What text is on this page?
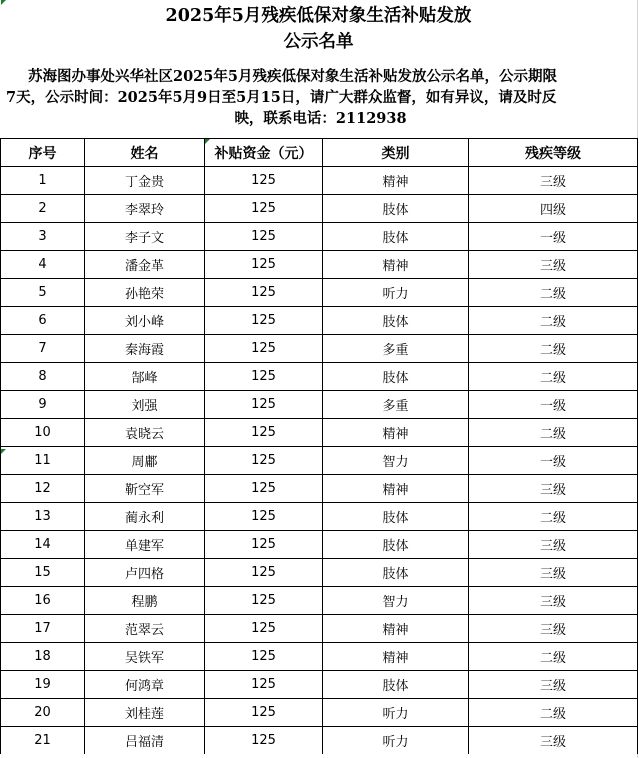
2025年5月残疾低保对象生活补贴发放
公示名单
苏海图办事处兴华社区2025年5月残疾低保对象生活补贴发放公示名单，公示期限
7天，公示时间：2025年5月9日至5月15日，请广大群众监督，如有异议，请及时反
映，联系电话：2112938
序号	姓名	补贴资金（元）	类别	残疾等级
1	丁金贵	125	精神	三级
2	李翠玲	125	肢体	四级
3	李子文	125	肢体	一级
4	潘金革	125	精神	三级
5	孙艳荣	125	听力	二级
6	刘小峰	125	肢体	二级
7	秦海霞	125	多重	二级
8	郜峰	125	肢体	二级
9	刘强	125	多重	一级
10	袁晓云	125	精神	二级
11	周鄘	125	智力	一级
12	靳空军	125	精神	三级
13	蔺永利	125	肢体	二级
14	单建军	125	肢体	三级
15	卢四格	125	肢体	三级
16	程鹏	125	智力	三级
17	范翠云	125	精神	三级
18	吴铁军	125	精神	二级
19	何鸿章	125	肢体	三级
20	刘桂莲	125	听力	二级
21	吕福清	125	听力	三级
